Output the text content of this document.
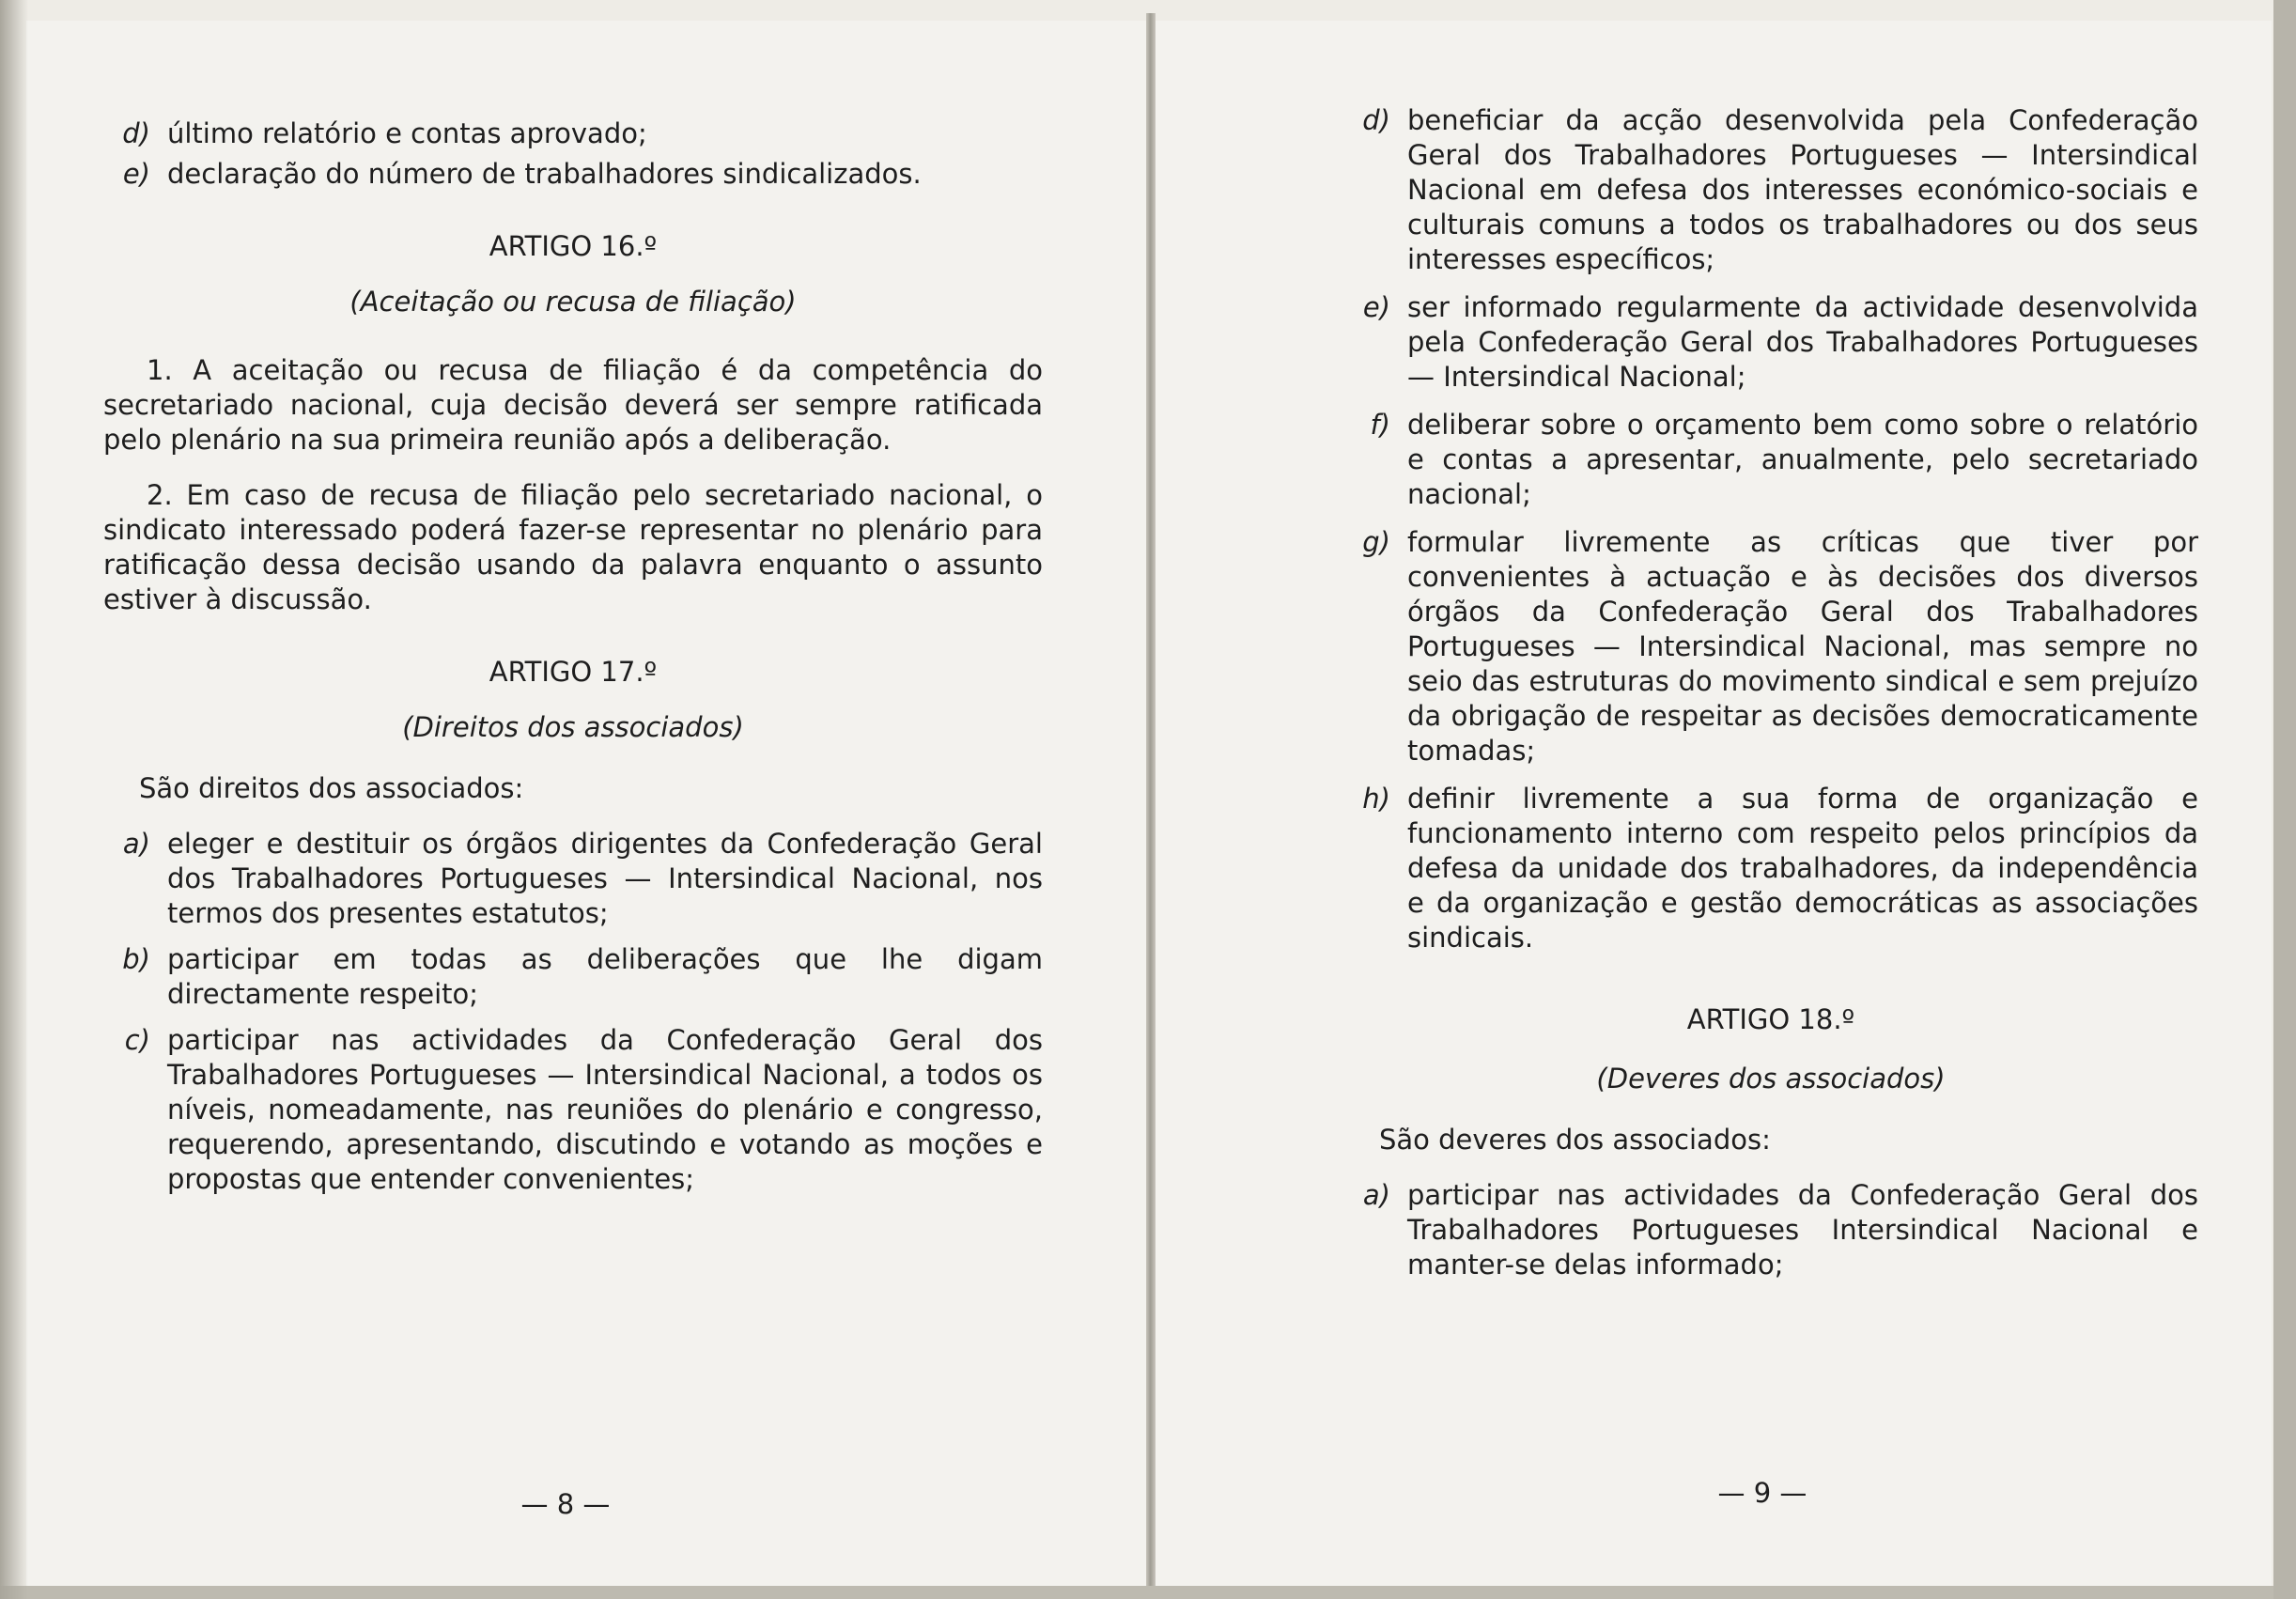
d) último relatório e contas aprovado;
e) declaração do número de trabalhadores sindicalizados.
ARTIGO 16.º
(Aceitação ou recusa de filiação)

1. A aceitação ou recusa de filiação é da competência do secretariado nacional, cuja decisão deverá ser sempre ratificada pelo plenário na sua primeira reunião após a deliberação.

2. Em caso de recusa de filiação pelo secretariado nacional, o sindicato interessado poderá fazer-se representar no plenário para ratificação dessa decisão usando da palavra enquanto o assunto estiver à discussão.

ARTIGO 17.º
(Direitos dos associados)

São direitos dos associados:

a) eleger e destituir os órgãos dirigentes da Confederação Geral dos Trabalhadores Portugueses — Intersindical Nacional, nos termos dos presentes estatutos;
b) participar em todas as deliberações que lhe digam directamente respeito;
c) participar nas actividades da Confederação Geral dos Trabalhadores Portugueses — Intersindical Nacional, a todos os níveis, nomeadamente, nas reuniões do plenário e congresso, requerendo, apresentando, discutindo e votando as moções e propostas que entender convenientes;
— 8 —
d) beneficiar da acção desenvolvida pela Confederação Geral dos Trabalhadores Portugueses — Intersindical Nacional em defesa dos interesses económico-sociais e culturais comuns a todos os trabalhadores ou dos seus interesses específicos;
e) ser informado regularmente da actividade desenvolvida pela Confederação Geral dos Trabalhadores Portugueses — Intersindical Nacional;
f) deliberar sobre o orçamento bem como sobre o relatório e contas a apresentar, anualmente, pelo secretariado nacional;
g) formular livremente as críticas que tiver por convenientes à actuação e às decisões dos diversos órgãos da Confederação Geral dos Trabalhadores Portugueses — Intersindical Nacional, mas sempre no seio das estruturas do movimento sindical e sem prejuízo da obrigação de respeitar as decisões democraticamente tomadas;
h) definir livremente a sua forma de organização e funcionamento interno com respeito pelos princípios da defesa da unidade dos trabalhadores, da independência e da organização e gestão democráticas as associações sindicais.
ARTIGO 18.º
(Deveres dos associados)

São deveres dos associados:

a) participar nas actividades da Confederação Geral dos Trabalhadores Portugueses Intersindical Nacional e manter-se delas informado;
— 9 —
